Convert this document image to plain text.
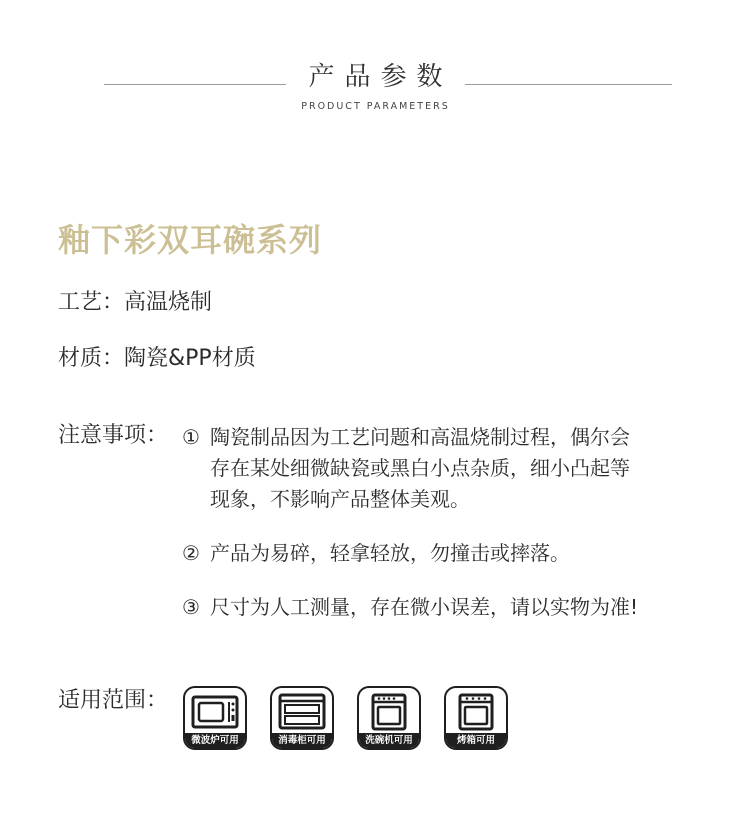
产品参数
PRODUCT PARAMETERS
釉下彩双耳碗系列
工艺：高温烧制
材质：陶瓷&PP材质
注意事项： ① 陶瓷制品因为工艺问题和高温烧制过程，偶尔会
存在某处细微缺瓷或黑白小点杂质，细小凸起等
现象，不影响产品整体美观。
② 产品为易碎，轻拿轻放，勿撞击或摔落。
③ 尺寸为人工测量，存在微小误差，请以实物为准!
适用范围：
微波炉可用	消毒柜可用	洗碗机可用	烤箱可用
